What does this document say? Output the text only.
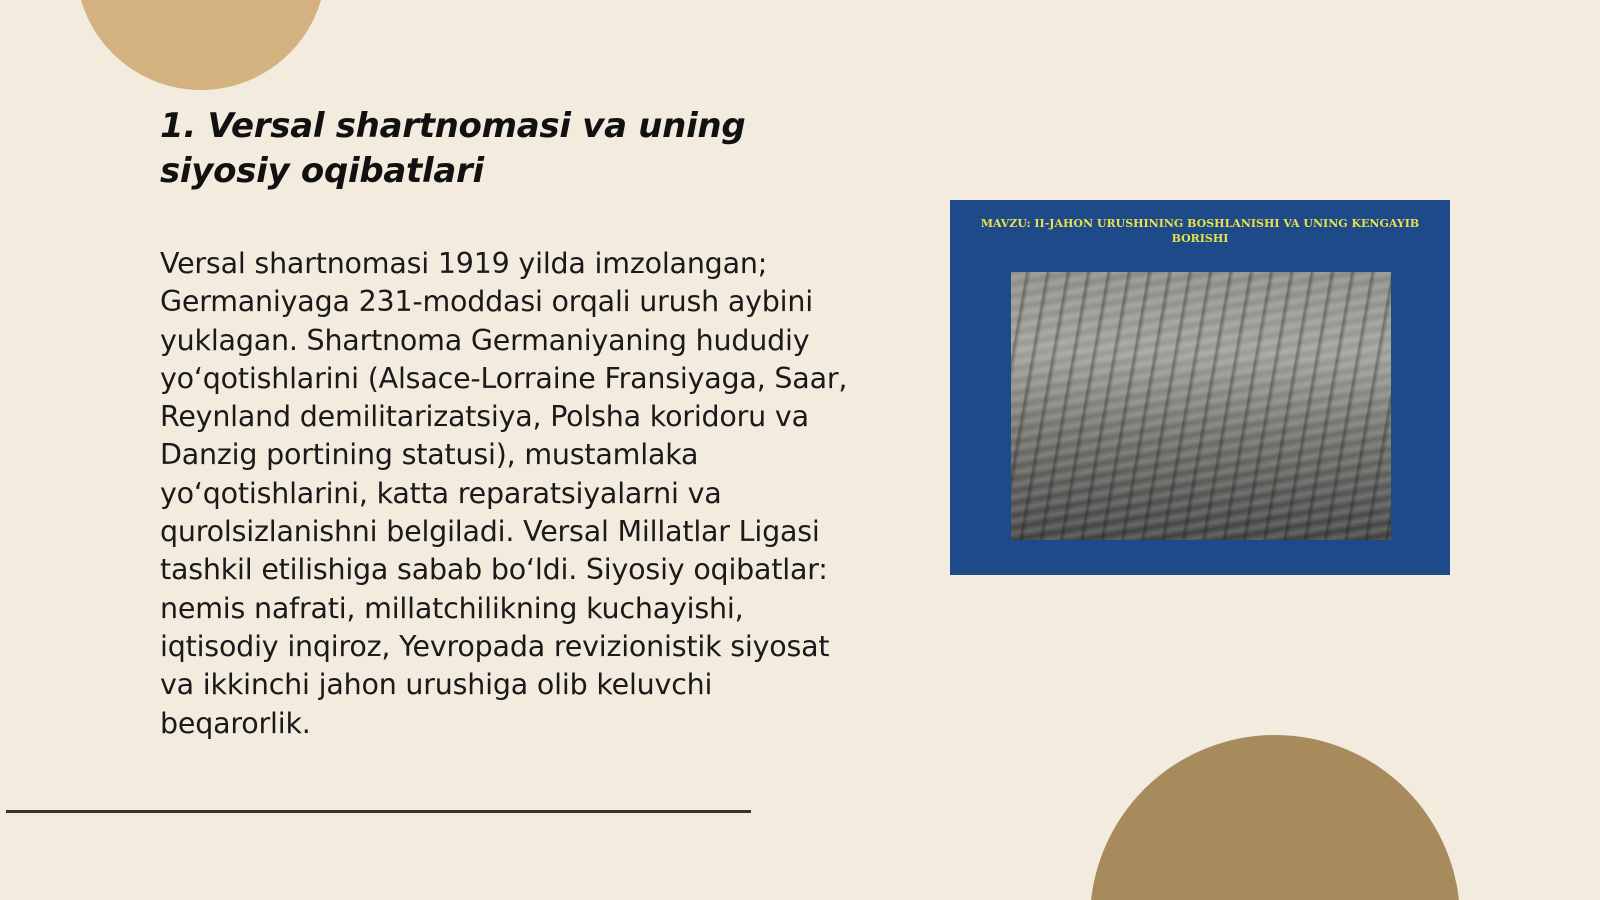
1. Versal shartnomasi va uning siyosiy oqibatlari

Versal shartnomasi 1919 yilda imzolangan; Germaniyaga 231-moddasi orqali urush aybini yuklagan. Shartnoma Germaniyaning hududiy yo‘qotishlarini (Alsace-Lorraine Fransiyaga, Saar, Reynland demilitarizatsiya, Polsha koridoru va Danzig portining statusi), mustamlaka yo‘qotishlarini, katta reparatsiyalarni va qurolsizlanishni belgiladi. Versal Millatlar Ligasi tashkil etilishiga sabab bo‘ldi. Siyosiy oqibatlar: nemis nafrati, millatchilikning kuchayishi, iqtisodiy inqiroz, Yevropada revizionistik siyosat va ikkinchi jahon urushiga olib keluvchi beqarorlik.

MAVZU: II-JAHON URUSHINING BOSHLANISHI VA UNING KENGAYIB BORISHI
